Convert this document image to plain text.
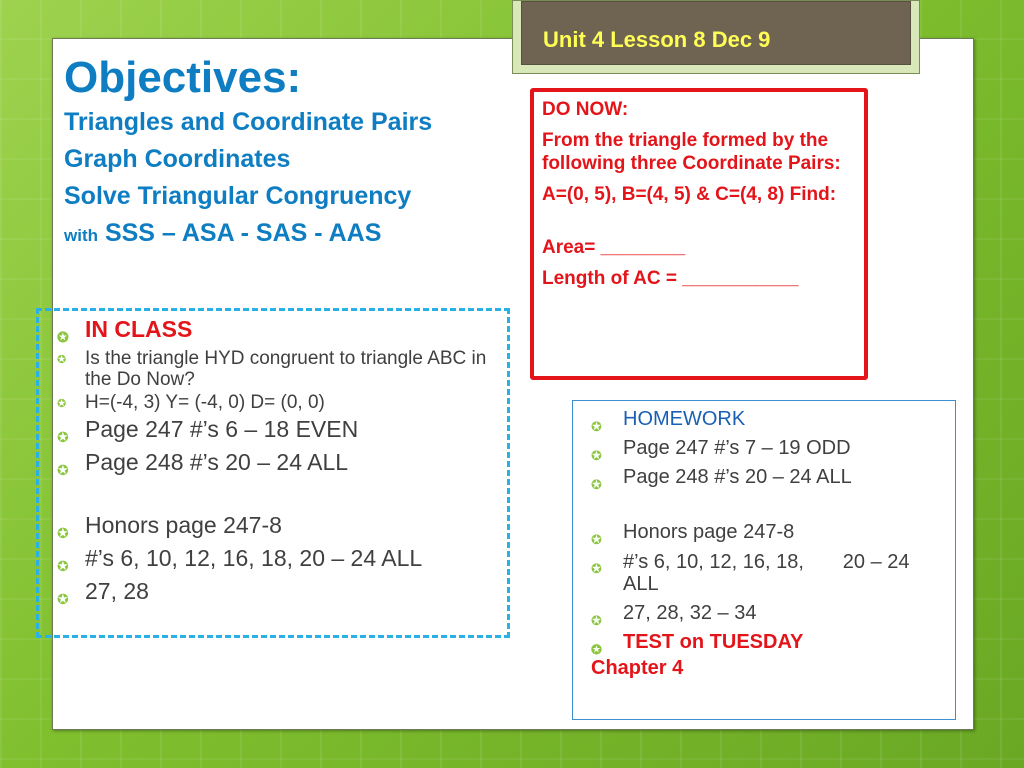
Unit 4 Lesson 8 Dec 9
Objectives:
Triangles and Coordinate Pairs
Graph Coordinates
Solve Triangular Congruency
with SSS – ASA - SAS - AAS

DO NOW:

From the triangle formed by the following three Coordinate Pairs:

A=(0, 5), B=(4, 5) & C=(4, 8) Find:

Area= ________

Length of AC = ___________

✪ IN CLASS
✪ Is the triangle HYD congruent to triangle ABC in the Do Now?
✪ H=(-4, 3) Y= (-4, 0) D= (0, 0)
✪ Page 247 #’s 6 – 18 EVEN
✪ Page 248 #’s 20 – 24 ALL
✪ Honors page 247-8
✪ #’s 6, 10, 12, 16, 18, 20 – 24 ALL
✪ 27, 28
✪ HOMEWORK
✪ Page 247 #’s 7 – 19 ODD
✪ Page 248 #’s 20 – 24 ALL
✪ Honors page 247-8
✪ #’s 6, 10, 12, 16, 18,       20 – 24 ALL
✪ 27, 28, 32 – 34
✪ TEST on TUESDAY
Chapter 4
